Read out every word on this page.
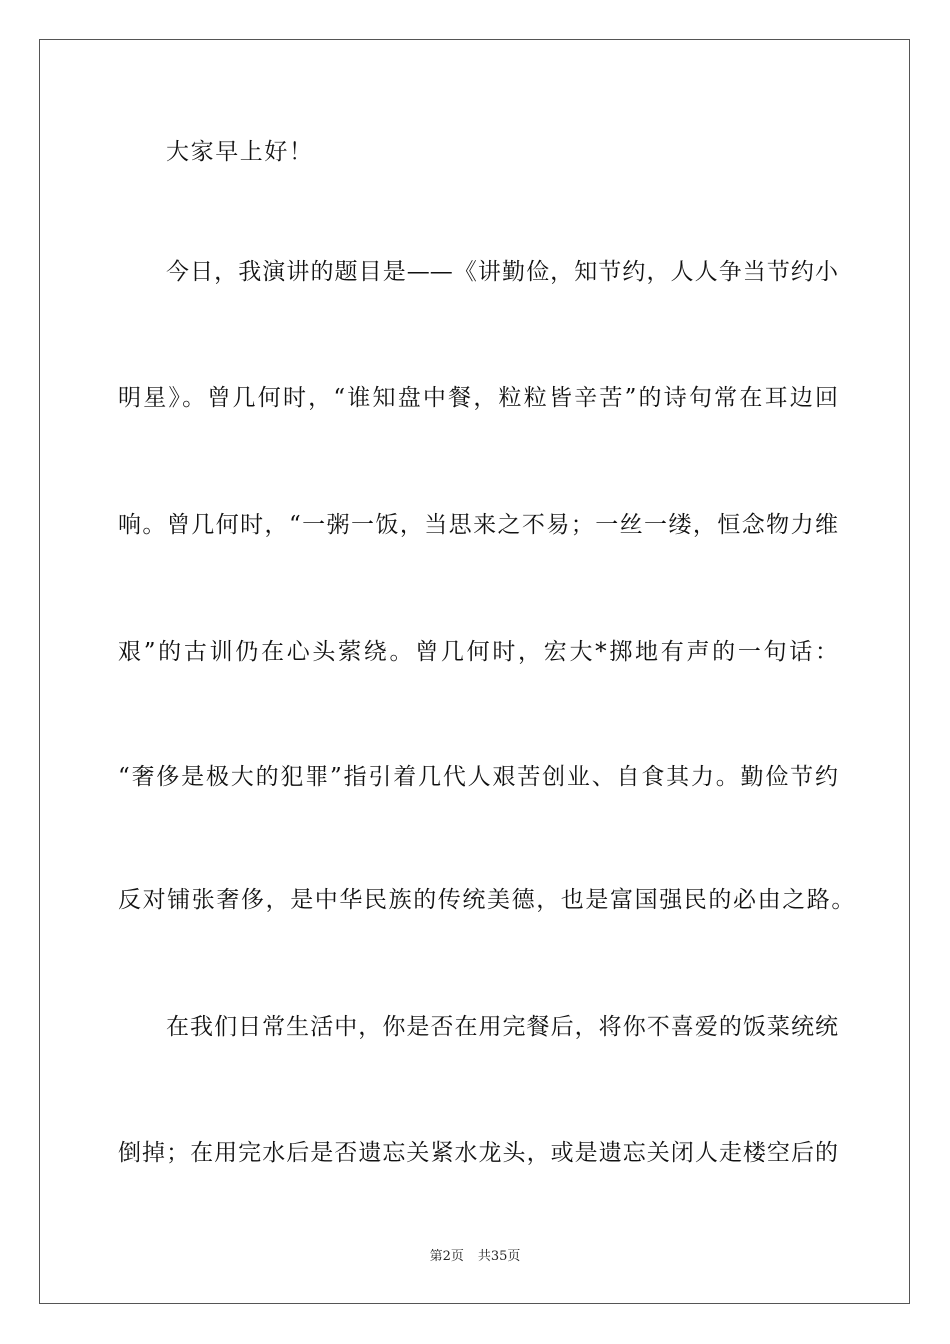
大家早上好！
今日，我演讲的题目是——《讲勤俭，知节约，人人争当节约小
明星》。曾几何时，“谁知盘中餐，粒粒皆辛苦”的诗句常在耳边回
响。曾几何时，“一粥一饭，当思来之不易；一丝一缕，恒念物力维
艰”的古训仍在心头萦绕。曾几何时，宏大*掷地有声的一句话：
“奢侈是极大的犯罪”指引着几代人艰苦创业、自食其力。勤俭节约
反对铺张奢侈，是中华民族的传统美德，也是富国强民的必由之路。
在我们日常生活中，你是否在用完餐后，将你不喜爱的饭菜统统
倒掉；在用完水后是否遗忘关紧水龙头，或是遗忘关闭人走楼空后的
第2页 共35页
